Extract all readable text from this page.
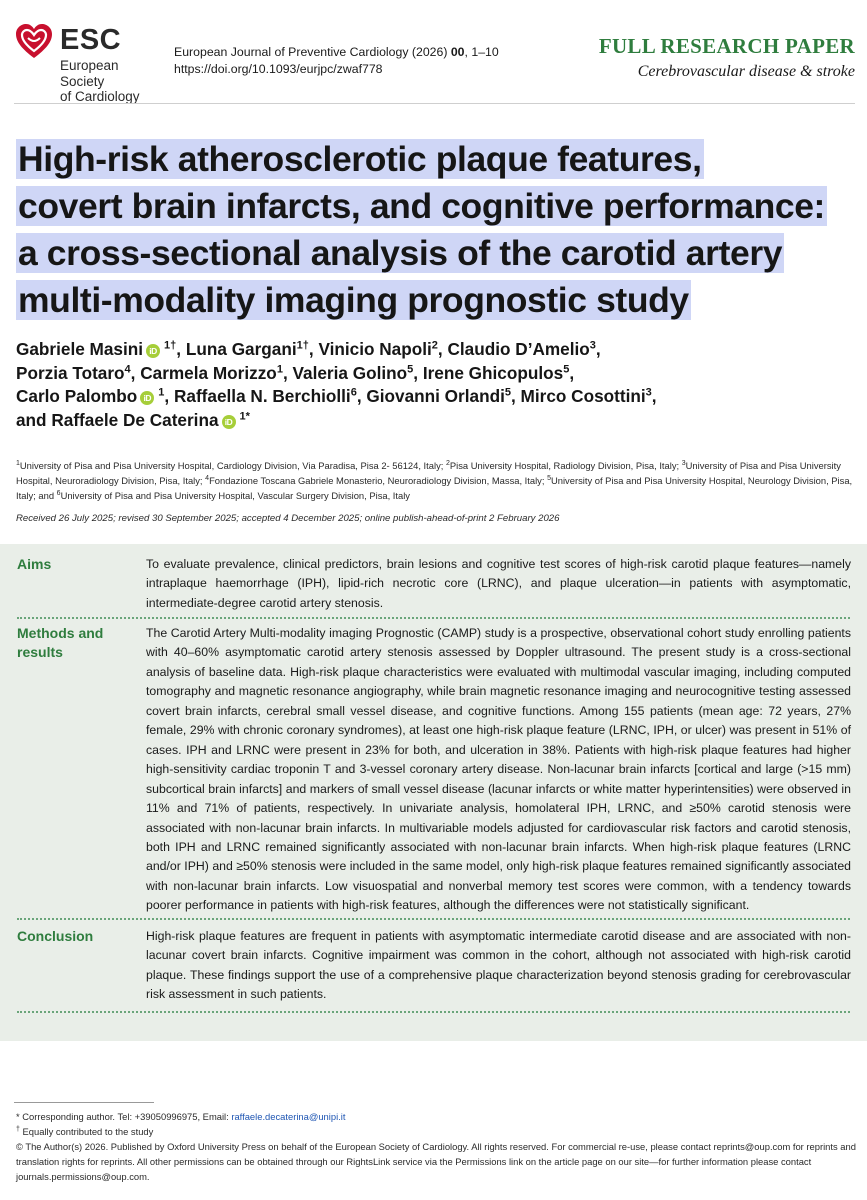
ESC
European Society
of Cardiology
European Journal of Preventive Cardiology (2026) 00, 1–10
https://doi.org/10.1093/eurjpc/zwaf778
FULL RESEARCH PAPER
Cerebrovascular disease & stroke
High-risk atherosclerotic plaque features,
covert brain infarcts, and cognitive performance:
a cross-sectional analysis of the carotid artery
multi-modality imaging prognostic study
Gabriele Masini iD $^{1\dagger}$, Luna Gargani$^{1\dagger}$, Vinicio Napoli$^2$, Claudio D’Amelio$^3$,
Porzia Totaro$^4$, Carmela Morizzo$^1$, Valeria Golino$^5$, Irene Ghicopulos$^5$,
Carlo Palombo iD $^1$, Raffaella N. Berchiolli$^6$, Giovanni Orlandi$^5$, Mirco Cosottini$^3$,
and Raffaele De Caterina iD $^{1*}$
$^1$University of Pisa and Pisa University Hospital, Cardiology Division, Via Paradisa, Pisa 2- 56124, Italy; $^2$Pisa University Hospital, Radiology Division, Pisa, Italy; $^3$University of Pisa and Pisa University Hospital, Neuroradiology Division, Pisa, Italy; $^4$Fondazione Toscana Gabriele Monasterio, Neuroradiology Division, Massa, Italy; $^5$University of Pisa and Pisa University Hospital, Neurology Division, Pisa, Italy; and $^6$University of Pisa and Pisa University Hospital, Vascular Surgery Division, Pisa, Italy
Received 26 July 2025; revised 30 September 2025; accepted 4 December 2025; online publish-ahead-of-print 2 February 2026
Aims	To evaluate prevalence, clinical predictors, brain lesions and cognitive test scores of high-risk carotid plaque features—namely intraplaque haemorrhage (IPH), lipid-rich necrotic core (LRNC), and plaque ulceration—in patients with asymptomatic, intermediate-degree carotid artery stenosis.
Methods and results
The Carotid Artery Multi-modality imaging Prognostic (CAMP) study is a prospective, observational cohort study enrolling patients with 40–60% asymptomatic carotid artery stenosis assessed by Doppler ultrasound. The present study is a cross-sectional analysis of baseline data. High-risk plaque characteristics were evaluated with multimodal vascular imaging, including computed tomography and magnetic resonance angiography, while brain magnetic resonance imaging and neurocognitive testing assessed covert brain infarcts, cerebral small vessel disease, and cognitive functions. Among 155 patients (mean age: 72 years, 27% female, 29% with chronic coronary syndromes), at least one high-risk plaque feature (LRNC, IPH, or ulcer) was present in 51% of cases. IPH and LRNC were present in 23% for both, and ulceration in 38%. Patients with high-risk plaque features had higher high-sensitivity cardiac troponin T and 3-vessel coronary artery disease. Non-lacunar brain infarcts [cortical and large (>15 mm) subcortical brain infarcts] and markers of small vessel disease (lacunar infarcts or white matter hyperintensities) were observed in 11% and 71% of patients, respectively. In univariate analysis, homolateral IPH, LRNC, and ≥50% carotid stenosis were associated with non-lacunar brain infarcts. In multivariable models adjusted for cardiovascular risk factors and carotid stenosis, both IPH and LRNC remained significantly associated with non-lacunar brain infarcts. When high-risk plaque features (LRNC and/or IPH) and ≥50% stenosis were included in the same model, only high-risk plaque features remained significantly associated with non-lacunar brain infarcts. Low visuospatial and nonverbal memory test scores were common, with a tendency towards poorer performance in patients with high-risk features, although the differences were not statistically significant.
Conclusion	High-risk plaque features are frequent in patients with asymptomatic intermediate carotid disease and are associated with non-lacunar covert brain infarcts. Cognitive impairment was common in the cohort, although not associated with high-risk carotid plaque. These findings support the use of a comprehensive plaque characterization beyond stenosis grading for cerebrovascular risk assessment in such patients.
* Corresponding author. Tel: +39050996975, Email: raffaele.decaterina@unipi.it
† Equally contributed to the study
© The Author(s) 2026. Published by Oxford University Press on behalf of the European Society of Cardiology. All rights reserved. For commercial re-use, please contact reprints@oup.com for reprints and translation rights for reprints. All other permissions can be obtained through our RightsLink service via the Permissions link on the article page on our site—for further information please contact journals.permissions@oup.com.
